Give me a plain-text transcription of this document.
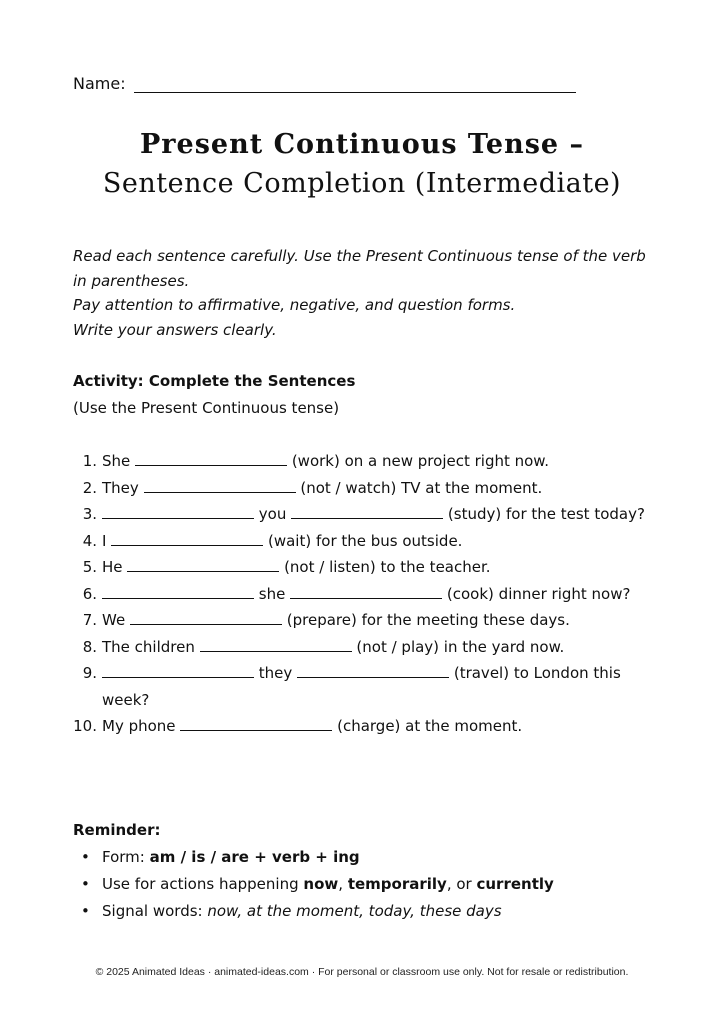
Name:
Present Continuous Tense –
Sentence Completion (Intermediate)

Read each sentence carefully. Use the Present Continuous tense of the verb in parentheses.

Pay attention to affirmative, negative, and question forms.

Write your answers clearly.

Activity: Complete the Sentences
(Use the Present Continuous tense)
1. She	(work) on a new project right now.
2. They	(not / watch) TV at the moment.
3.	you	(study) for the test today?
4. I	(wait) for the bus outside.
5. He	(not / listen) to the teacher.
6.	she	(cook) dinner right now?
7. We	(prepare) for the meeting these days.
8. The children	(not / play) in the yard now.
9.	they	(travel) to London this week?
10. My phone	(charge) at the moment.
Reminder:
• Form: am / is / are + verb + ing
• Use for actions happening now, temporarily, or currently
• Signal words: now, at the moment, today, these days
© 2025 Animated Ideas · animated-ideas.com · For personal or classroom use only. Not for resale or redistribution.
